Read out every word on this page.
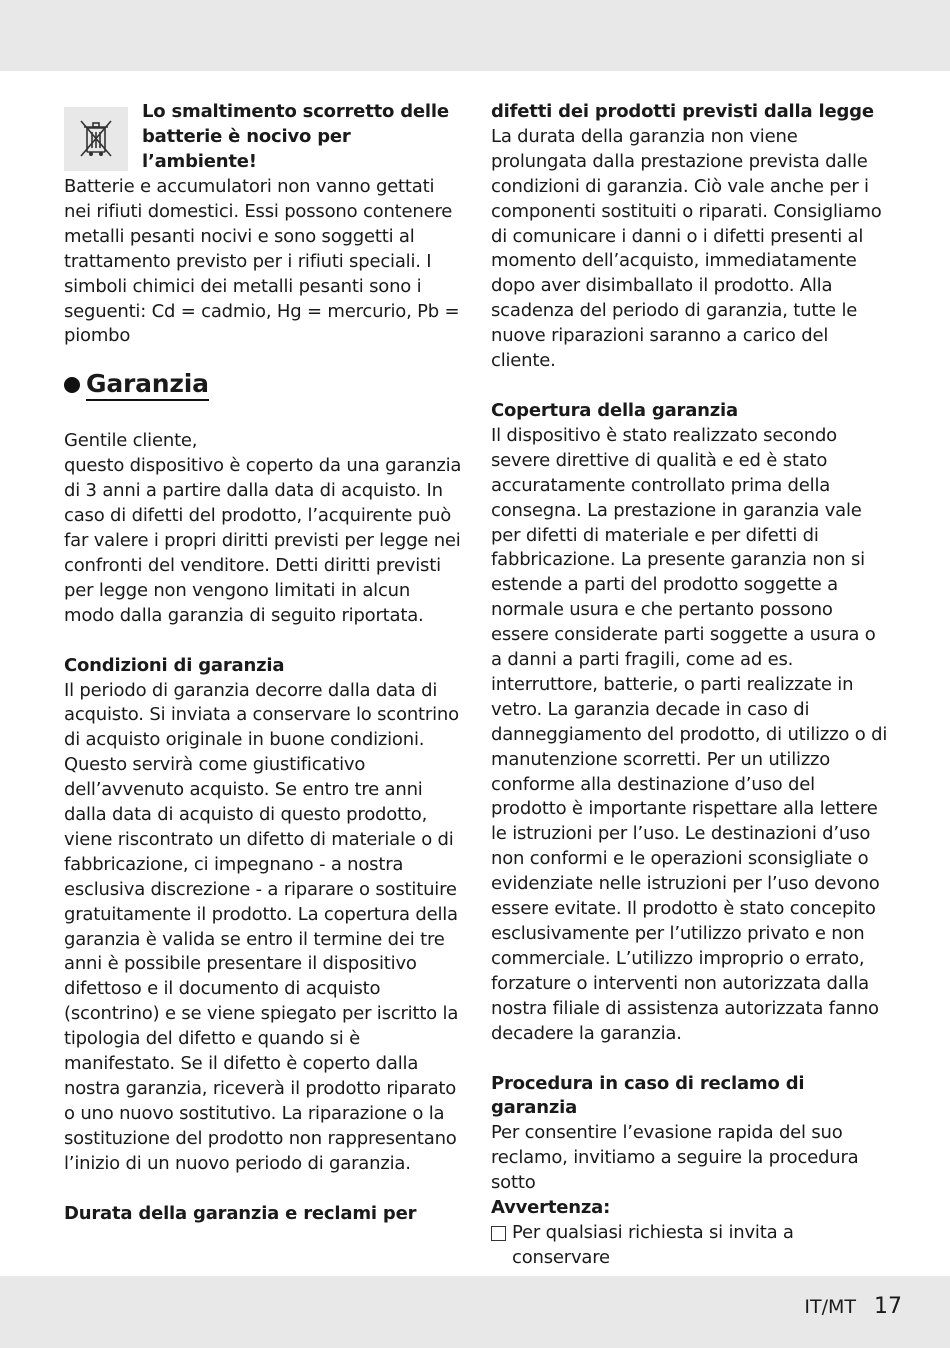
Lo smaltimento scorretto delle batterie è nocivo per l’ambiente!

Batterie e accumulatori non vanno gettati nei rifiuti domestici. Essi possono contenere metalli pesanti nocivi e sono soggetti al trattamento previsto per i rifiuti speciali. I simboli chimici dei metalli pesanti sono i seguenti: Cd = cadmio, Hg = mercurio, Pb = piombo

Garanzia

Gentile cliente,

questo dispositivo è coperto da una garanzia di 3 anni a partire dalla data di acquisto. In caso di difetti del prodotto, l’acquirente può far valere i propri diritti previsti per legge nei confronti del venditore. Detti diritti previsti per legge non vengono limitati in alcun modo dalla garanzia di seguito riportata.

Condizioni di garanzia

Il periodo di garanzia decorre dalla data di acquisto. Si inviata a conservare lo scontrino di acquisto originale in buone condizioni. Questo servirà come giustificativo dell’avvenuto acquisto. Se entro tre anni dalla data di acquisto di questo prodotto, viene riscontrato un difetto di materiale o di fabbricazione, ci impegnano - a nostra esclusiva discrezione - a riparare o sostituire gratuitamente il prodotto. La copertura della garanzia è valida se entro il termine dei tre anni è possibile presentare il dispositivo difettoso e il documento di acquisto (scontrino) e se viene spiegato per iscritto la tipologia del difetto e quando si è manifestato. Se il difetto è coperto dalla nostra garanzia, riceverà il prodotto riparato o uno nuovo sostitutivo. La riparazione o la sostituzione del prodotto non rappresentano l’inizio di un nuovo periodo di garanzia.

Durata della garanzia e reclami per

difetti dei prodotti previsti dalla legge

La durata della garanzia non viene prolungata dalla prestazione prevista dalle condizioni di garanzia. Ciò vale anche per i componenti sostituiti o riparati. Consigliamo di comunicare i danni o i difetti presenti al momento dell’acquisto, immediatamente dopo aver disimballato il prodotto. Alla scadenza del periodo di garanzia, tutte le nuove riparazioni saranno a carico del cliente.

Copertura della garanzia

Il dispositivo è stato realizzato secondo severe direttive di qualità e ed è stato accuratamente controllato prima della consegna. La prestazione in garanzia vale per difetti di materiale e per difetti di fabbricazione. La presente garanzia non si estende a parti del prodotto soggette a normale usura e che pertanto possono essere considerate parti soggette a usura o a danni a parti fragili, come ad es. interruttore, batterie, o parti realizzate in vetro. La garanzia decade in caso di danneggiamento del prodotto, di utilizzo o di manutenzione scorretti. Per un utilizzo conforme alla destinazione d’uso del prodotto è importante rispettare alla lettere le istruzioni per l’uso. Le destinazioni d’uso non conformi e le operazioni sconsigliate o evidenziate nelle istruzioni per l’uso devono essere evitate. Il prodotto è stato concepito esclusivamente per l’utilizzo privato e non commerciale. L’utilizzo improprio o errato, forzature o interventi non autorizzata dalla nostra filiale di assistenza autorizzata fanno decadere la garanzia.

Procedura in caso di reclamo di garanzia

Per consentire l’evasione rapida del suo reclamo, invitiamo a seguire la procedura sotto

Avvertenza:

Per qualsiasi richiesta si invita a conservare
IT/MT 17
